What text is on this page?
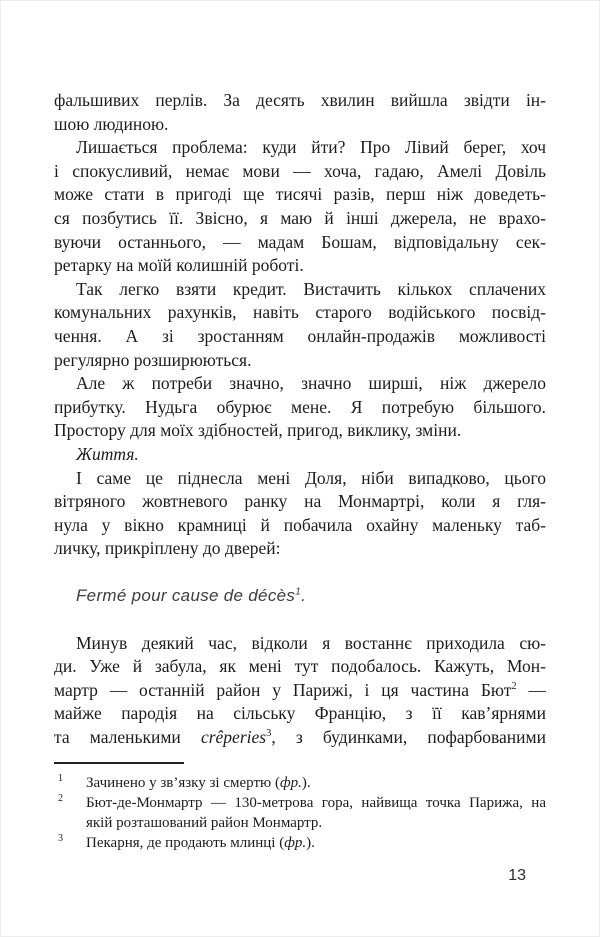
фальшивих перлів. За десять хвилин вийшла звідти ін-
шою людиною.
Лишається проблема: куди йти? Про Лівий берег, хоч
і спокусливий, немає мови — хоча, гадаю, Амелі Довіль
може стати в пригоді ще тисячі разів, перш ніж доведеть-
ся позбутись її. Звісно, я маю й інші джерела, не врахо-
вуючи останнього, — мадам Бошам, відповідальну сек-
ретарку на моїй колишній роботі.
Так легко взяти кредит. Вистачить кількох сплачених
комунальних рахунків, навіть старого водійського посвід-
чення. А зі зростанням онлайн-продажів можливості
регулярно розширюються.
Але ж потреби значно, значно ширші, ніж джерело
прибутку. Нудьга обурює мене. Я потребую більшого.
Простору для моїх здібностей, пригод, виклику, зміни.
Життя.
І саме це піднесла мені Доля, ніби випадково, цього
вітряного жовтневого ранку на Монмартрі, коли я гля-
нула у вікно крамниці й побачила охайну маленьку таб-
личку, прикріплену до дверей:
Fermé pour cause de décès$^1$.
Минув деякий час, відколи я востаннє приходила сю-
ди. Уже й забула, як мені тут подобалось. Кажуть, Мон-
мартр — останній район у Парижі, і ця частина Бют$^2$ —
майже пародія на сільську Францію, з її кав’ярнями
та маленькими crêperies$^3$, з будинками, пофарбованими
1 Зачинено у зв’язку зі смертю (фр.).
2 Бют-де-Монмартр — 130-метрова гора, найвища точка Парижа, на
якій розташований район Монмартр.
3 Пекарня, де продають млинці (фр.).
13
